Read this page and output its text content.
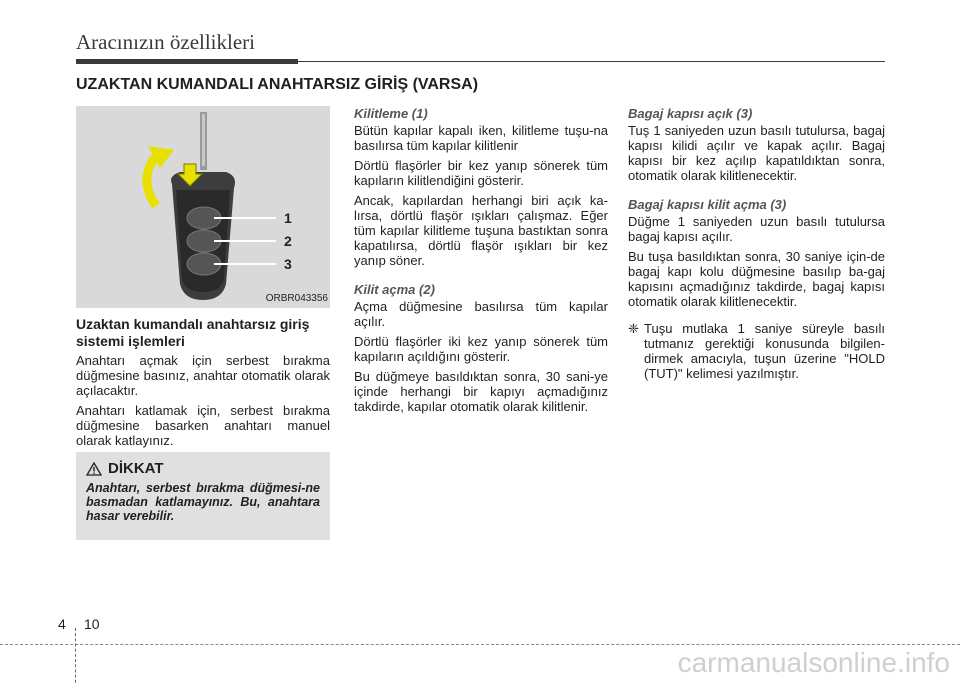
Aracınızın özellikleri
UZAKTAN KUMANDALI ANAHTARSIZ GİRİŞ (VARSA)
1
2
3
ORBR043356
Uzaktan kumandalı anahtarsız giriş sistemi işlemleri

Anahtarı açmak için serbest bırakma düğmesine basınız, anahtar otomatik olarak açılacaktır.

Anahtarı katlamak için, serbest bırakma düğmesine basarken anahtarı manuel olarak katlayınız.

DİKKAT
Anahtarı, serbest bırakma düğmesi-ne basmadan katlamayınız. Bu, anahtara hasar verebilir.
Kilitleme (1)

Bütün kapılar kapalı iken, kilitleme tuşu-na basılırsa tüm kapılar kilitlenir

Dörtlü flaşörler bir kez yanıp sönerek tüm kapıların kilitlendiğini gösterir.

Ancak, kapılardan herhangi biri açık ka-lırsa, dörtlü flaşör ışıkları çalışmaz. Eğer tüm kapılar kilitleme tuşuna bastıktan sonra kapatılırsa, dörtlü flaşör ışıkları bir kez yanıp söner.

Kilit açma (2)

Açma düğmesine basılırsa tüm kapılar açılır.

Dörtlü flaşörler iki kez yanıp sönerek tüm kapıların açıldığını gösterir.

Bu düğmeye basıldıktan sonra, 30 sani-ye içinde herhangi bir kapıyı açmadığınız takdirde, kapılar otomatik olarak kilitlenir.

Bagaj kapısı açık (3)

Tuş 1 saniyeden uzun basılı tutulursa, bagaj kapısı kilidi açılır ve kapak açılır. Bagaj kapısı bir kez açılıp kapatıldıktan sonra, otomatik olarak kilitlenecektir.

Bagaj kapısı kilit açma (3)

Düğme 1 saniyeden uzun basılı tutulursa bagaj kapısı açılır.

Bu tuşa basıldıktan sonra, 30 saniye için-de bagaj kapı kolu düğmesine basılıp ba-gaj kapısını açmadığınız takdirde, bagaj kapısı otomatik olarak kilitlenecektir.

❈ Tuşu mutlaka 1 saniye süreyle basılı tutmanız gerektiği konusunda bilgilen-dirmek amacıyla, tuşun üzerine "HOLD (TUT)" kelimesi yazılmıştır.
4 10
carmanualsonline.info
